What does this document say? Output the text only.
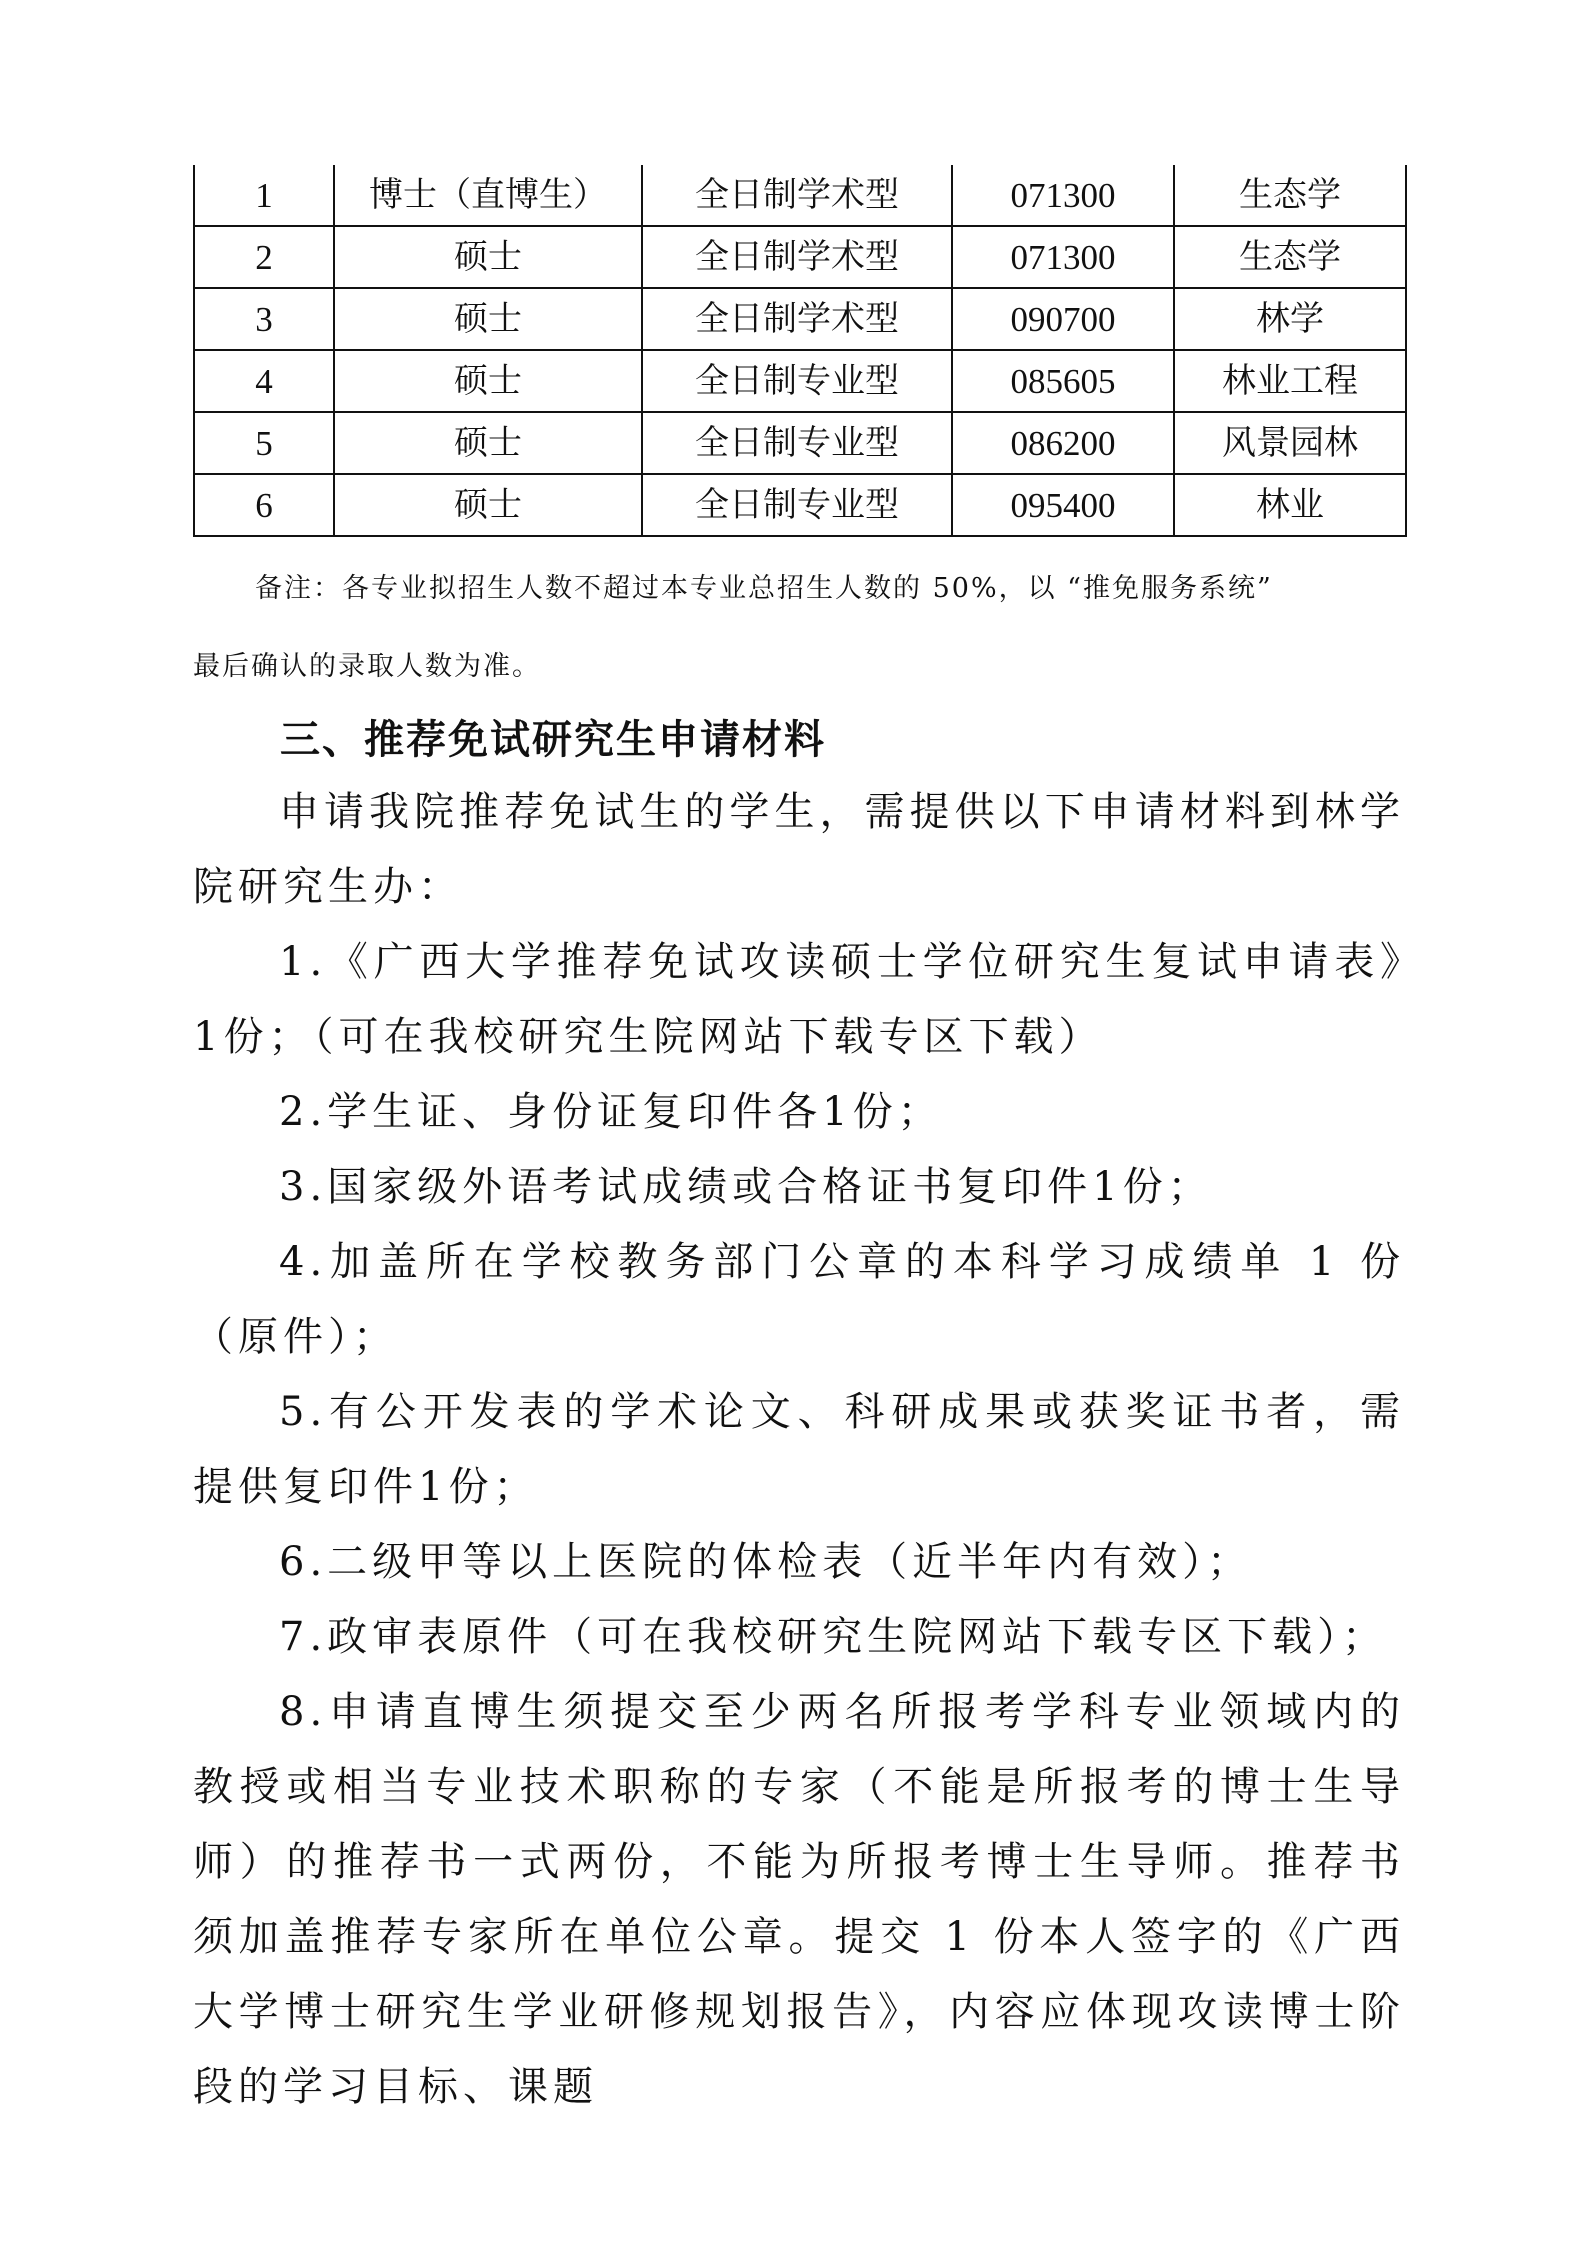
1	博士（直博生）	全日制学术型	071300	生态学
2	硕士	全日制学术型	071300	生态学
3	硕士	全日制学术型	090700	林学
4	硕士	全日制专业型	085605	林业工程
5	硕士	全日制专业型	086200	风景园林
6	硕士	全日制专业型	095400	林业
备注：各专业拟招生人数不超过本专业总招生人数的 50%，以 “推免服务系统”
最后确认的录取人数为准。
三、推荐免试研究生申请材料

申请我院推荐免试生的学生，需提供以下申请材料到林学院研究生办：

1.《广西大学推荐免试攻读硕士学位研究生复试申请表》1份；（可在我校研究生院网站下载专区下载）

2.学生证、身份证复印件各1份；

3.国家级外语考试成绩或合格证书复印件1份；

4.加盖所在学校教务部门公章的本科学习成绩单 1 份（原件）；

5.有公开发表的学术论文、科研成果或获奖证书者，需提供复印件1份；

6.二级甲等以上医院的体检表（近半年内有效）；

7.政审表原件（可在我校研究生院网站下载专区下载）；

8.申请直博生须提交至少两名所报考学科专业领域内的教授或相当专业技术职称的专家（不能是所报考的博士生导师）的推荐书一式两份，不能为所报考博士生导师。推荐书须加盖推荐专家所在单位公章。提交 1 份本人签字的《广西大学博士研究生学业研修规划报告》，内容应体现攻读博士阶段的学习目标、课题
